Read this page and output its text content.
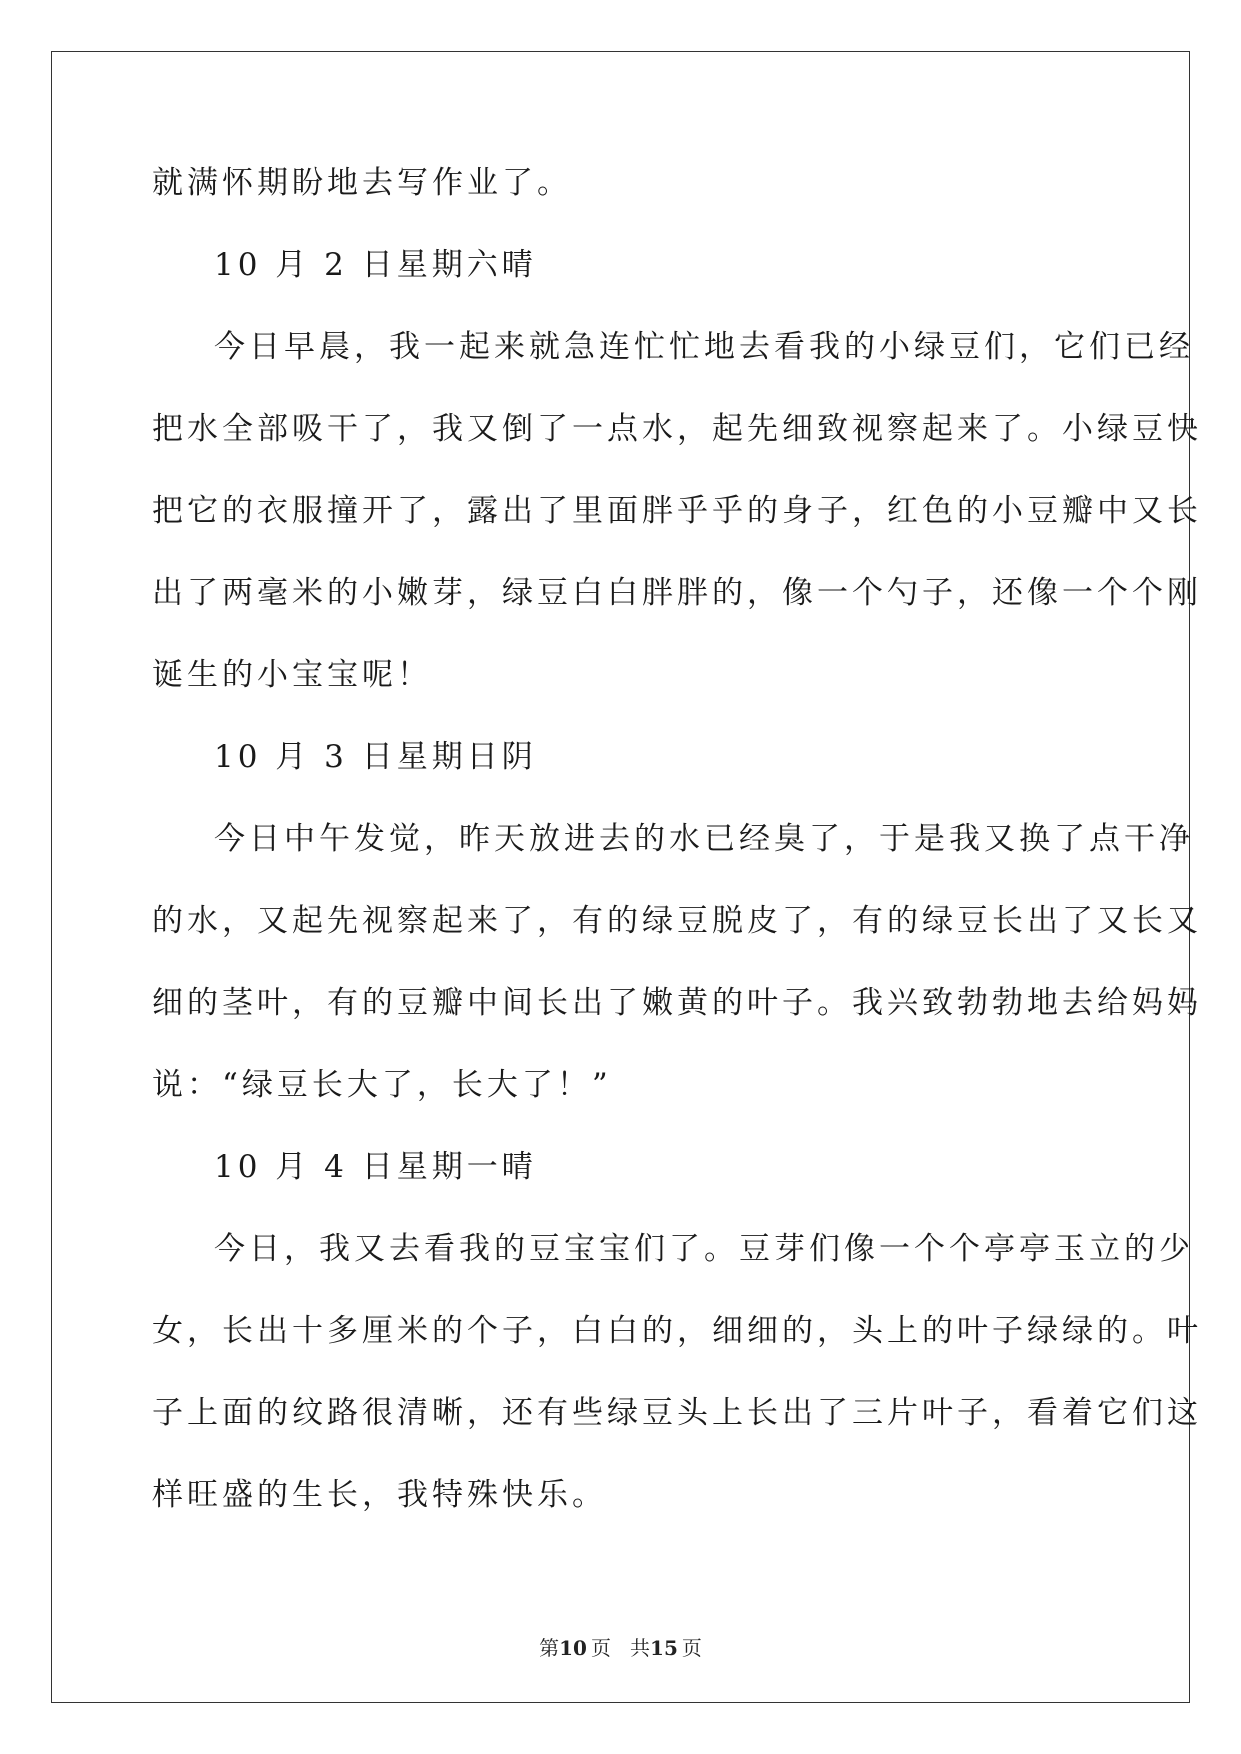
就满怀期盼地去写作业了。
10 月 2 日星期六晴
今日早晨，我一起来就急连忙忙地去看我的小绿豆们，它们已经
把水全部吸干了，我又倒了一点水，起先细致视察起来了。小绿豆快
把它的衣服撞开了，露出了里面胖乎乎的身子，红色的小豆瓣中又长
出了两毫米的小嫩芽，绿豆白白胖胖的，像一个勺子，还像一个个刚
诞生的小宝宝呢！
10 月 3 日星期日阴
今日中午发觉，昨天放进去的水已经臭了，于是我又换了点干净
的水，又起先视察起来了，有的绿豆脱皮了，有的绿豆长出了又长又
细的茎叶，有的豆瓣中间长出了嫩黄的叶子。我兴致勃勃地去给妈妈
说：“绿豆长大了，长大了！”
10 月 4 日星期一晴
今日，我又去看我的豆宝宝们了。豆芽们像一个个亭亭玉立的少
女，长出十多厘米的个子，白白的，细细的，头上的叶子绿绿的。叶
子上面的纹路很清晰，还有些绿豆头上长出了三片叶子，看着它们这
样旺盛的生长，我特殊快乐。
第10  页 共15  页
